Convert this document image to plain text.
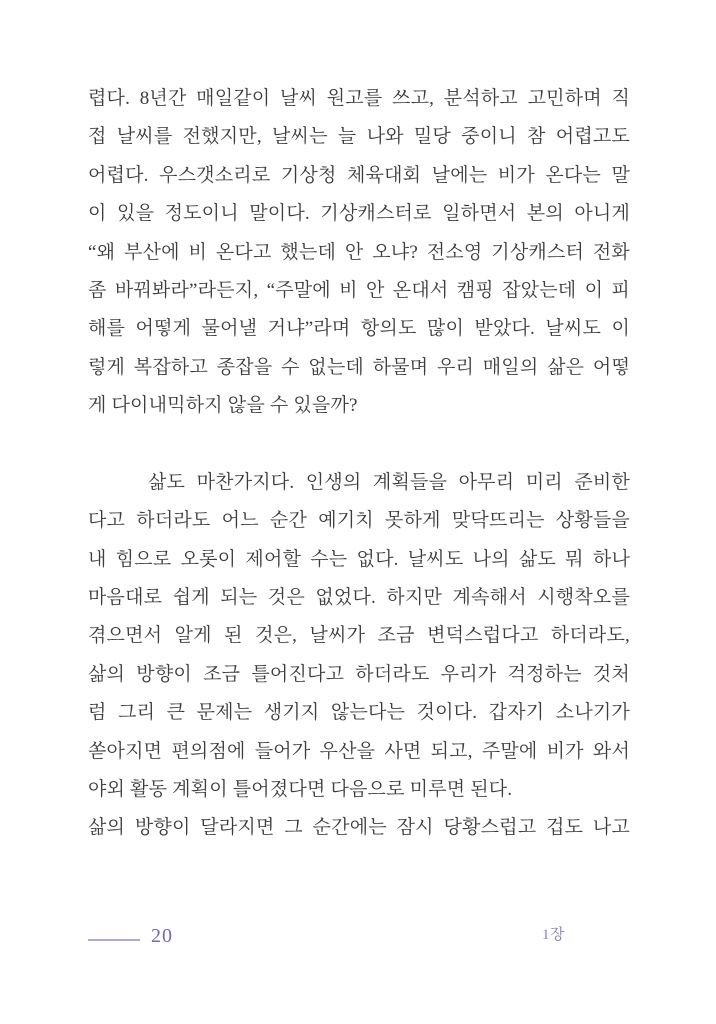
렵다. 8년간 매일같이 날씨 원고를 쓰고, 분석하고 고민하며 직
접 날씨를 전했지만, 날씨는 늘 나와 밀당 중이니 참 어렵고도
어렵다. 우스갯소리로 기상청 체육대회 날에는 비가 온다는 말
이 있을 정도이니 말이다. 기상캐스터로 일하면서 본의 아니게
“왜 부산에 비 온다고 했는데 안 오냐? 전소영 기상캐스터 전화
좀 바꿔봐라”라든지, “주말에 비 안 온대서 캠핑 잡았는데 이 피
해를 어떻게 물어낼 거냐”라며 항의도 많이 받았다. 날씨도 이
렇게 복잡하고 종잡을 수 없는데 하물며 우리 매일의 삶은 어떻
게 다이내믹하지 않을 수 있을까?
삶도 마찬가지다. 인생의 계획들을 아무리 미리 준비한
다고 하더라도 어느 순간 예기치 못하게 맞닥뜨리는 상황들을
내 힘으로 오롯이 제어할 수는 없다. 날씨도 나의 삶도 뭐 하나
마음대로 쉽게 되는 것은 없었다. 하지만 계속해서 시행착오를
겪으면서 알게 된 것은, 날씨가 조금 변덕스럽다고 하더라도,
삶의 방향이 조금 틀어진다고 하더라도 우리가 걱정하는 것처
럼 그리 큰 문제는 생기지 않는다는 것이다. 갑자기 소나기가
쏟아지면 편의점에 들어가 우산을 사면 되고, 주말에 비가 와서
야외 활동 계획이 틀어졌다면 다음으로 미루면 된다.
삶의 방향이 달라지면 그 순간에는 잠시 당황스럽고 겁도 나고
20	1장
